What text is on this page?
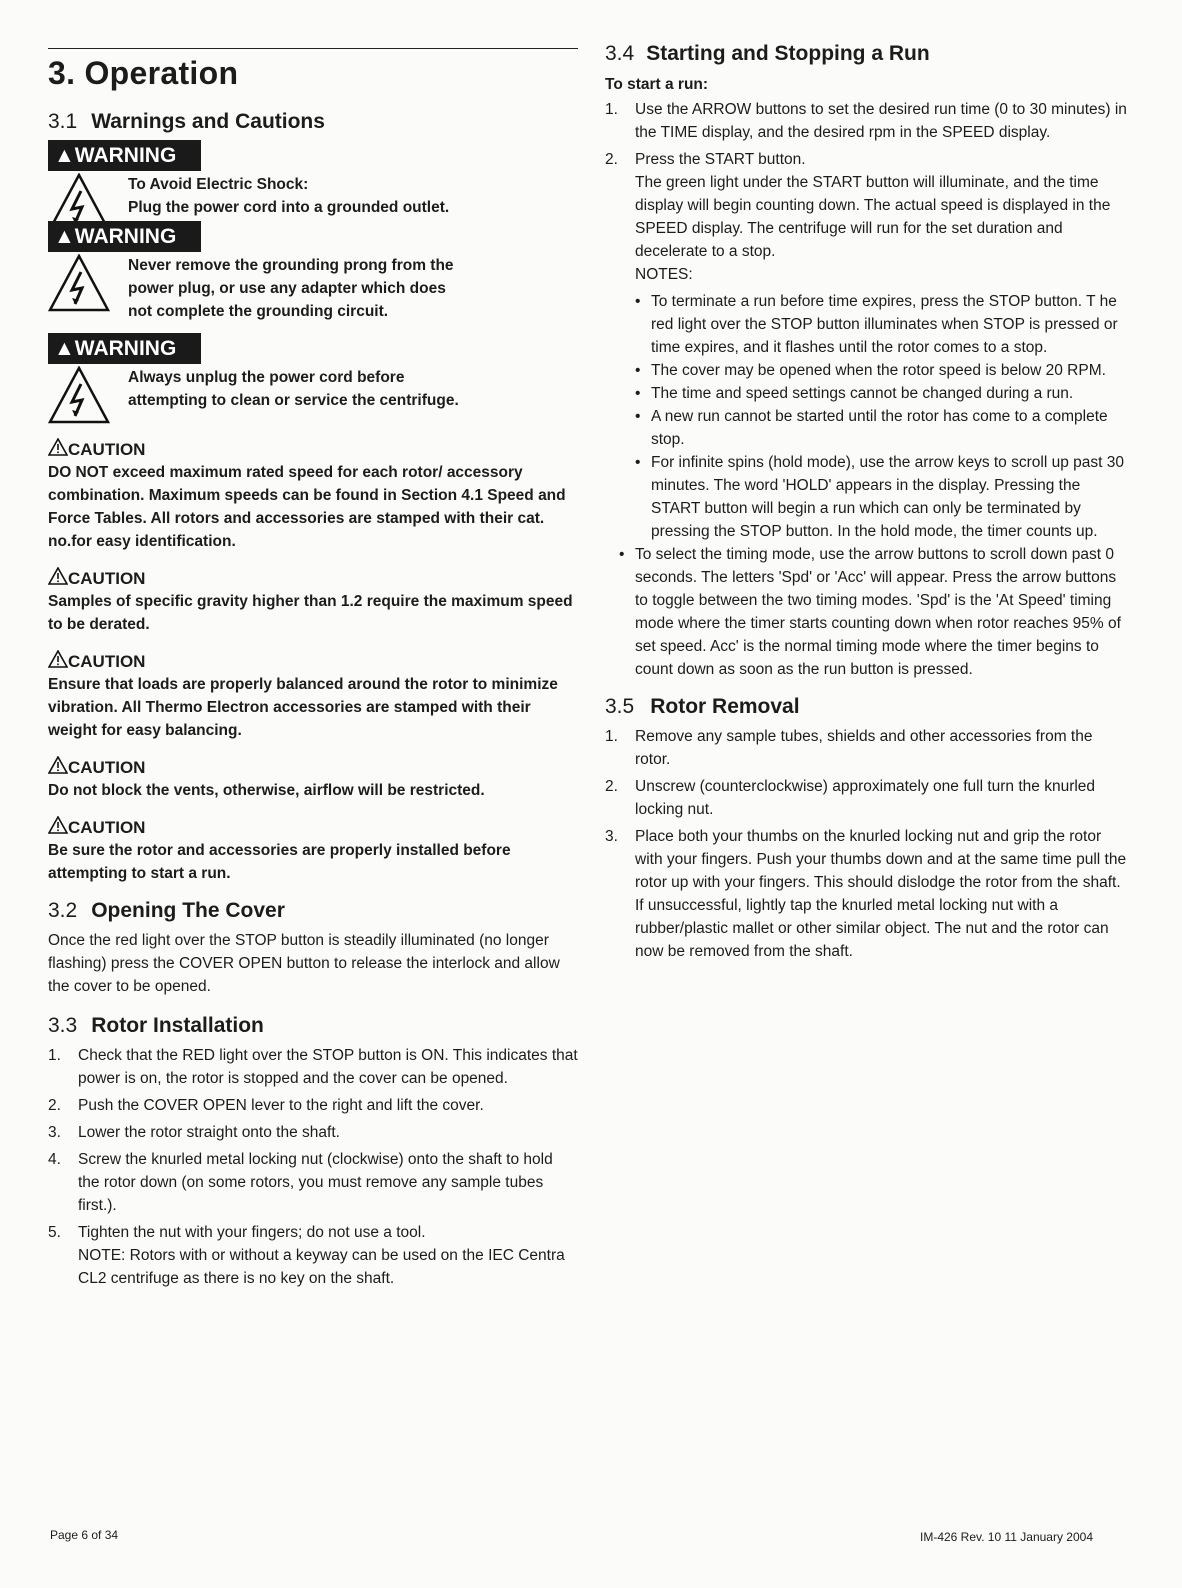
3. Operation
3.1 Warnings and Cautions
▲WARNING
To Avoid Electric Shock:
Plug the power cord into a grounded outlet.
▲WARNING
Never remove the grounding prong from the
power plug, or use any adapter which does
not complete the grounding circuit.
▲WARNING
Always unplug the power cord before
attempting to clean or service the centrifuge.
CAUTION
DO NOT exceed maximum rated speed for each rotor/ accessory combination. Maximum speeds can be found in Section 4.1 Speed and Force Tables. All rotors and accessories are stamped with their cat. no.for easy identification.
CAUTION
Samples of specific gravity higher than 1.2 require the maximum speed to be derated.
CAUTION
Ensure that loads are properly balanced around the rotor to minimize vibration. All Thermo Electron accessories are stamped with their weight for easy balancing.
CAUTION
Do not block the vents, otherwise, airflow will be restricted.
CAUTION
Be sure the rotor and accessories are properly installed before attempting to start a run.
3.2 Opening The Cover

Once the red light over the STOP button is steadily illuminated (no longer flashing) press the COVER OPEN button to release the interlock and allow the cover to be opened.

3.3 Rotor Installation
1.	Check that the RED light over the STOP button is ON. This indicates that power is on, the rotor is stopped and the cover can be opened.
2.	Push the COVER OPEN lever to the right and lift the cover.
3.	Lower the rotor straight onto the shaft.
4.	Screw the knurled metal locking nut (clockwise) onto the shaft to hold the rotor down (on some rotors, you must remove any sample tubes first.).
5.	Tighten the nut with your fingers; do not use a tool.
NOTE: Rotors with or without a keyway can be used on the IEC Centra CL2 centrifuge as there is no key on the shaft.
3.4 Starting and Stopping a Run
To start a run:
1.	Use the ARROW buttons to set the desired run time (0 to 30 minutes) in the TIME display, and the desired rpm in the SPEED display.
2.	Press the START button.
The green light under the START button will illuminate, and the time display will begin counting down. The actual speed is displayed in the SPEED display. The centrifuge will run for the set duration and decelerate to a stop.
NOTES:
• To terminate a run before time expires, press the STOP button. T he red light over the STOP button illuminates when STOP is pressed or time expires, and it flashes until the rotor comes to a stop.
• The cover may be opened when the rotor speed is below 20 RPM.
• The time and speed settings cannot be changed during a run.
• A new run cannot be started until the rotor has come to a complete stop.
• For infinite spins (hold mode), use the arrow keys to scroll up past 30 minutes. The word 'HOLD' appears in the display. Pressing the START button will begin a run which can only be terminated by pressing the STOP button. In the hold mode, the timer counts up.
• To select the timing mode, use the arrow buttons to scroll down past 0 seconds. The letters 'Spd' or 'Acc' will appear. Press the arrow buttons to toggle between the two timing modes. 'Spd' is the 'At Speed' timing mode where the timer starts counting down when rotor reaches 95% of set speed. Acc' is the normal timing mode where the timer begins to count down as soon as the run button is pressed.
3.5 Rotor Removal
1.	Remove any sample tubes, shields and other accessories from the rotor.
2.	Unscrew (counterclockwise) approximately one full turn the knurled locking nut.
3.	Place both your thumbs on the knurled locking nut and grip the rotor with your fingers. Push your thumbs down and at the same time pull the rotor up with your fingers. This should dislodge the rotor from the shaft. If unsuccessful, lightly tap the knurled metal locking nut with a rubber/plastic mallet or other similar object. The nut and the rotor can now be removed from the shaft.
Page 6 of 34	IM-426 Rev. 10 11 January 2004
